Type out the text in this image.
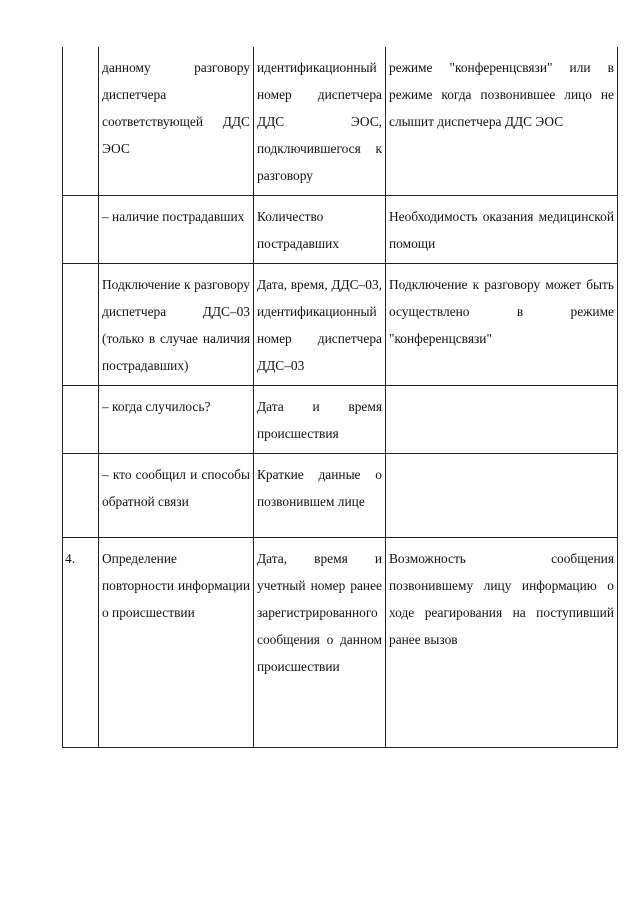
	данному разговору диспетчера соответствующей ДДС ЭОС	идентификационный номер диспетчера ДДС ЭОС, подключившегося к разговору	режиме "конференцсвязи" или в режиме когда позвонившее лицо не слышит диспетчера ДДС ЭОС
	– наличие пострадавших	Количество пострадавших	Необходимость оказания медицинской помощи
	Подключение к разговору диспетчера ДДС–03 (только в случае наличия пострадавших)	Дата, время, ДДС–03, идентификационный номер диспетчера ДДС–03	Подключение к разговору может быть осуществлено в режиме "конференцсвязи"
	– когда случилось?	Дата и время происшествия	
	– кто сообщил и способы обратной связи	Краткие данные о позвонившем лице	
4.	Определение повторности информации о происшествии	Дата, время и учетный номер ранее зарегистрированного сообщения о данном происшествии	Возможность сообщения позвонившему лицу информацию о ходе реагирования на поступивший ранее вызов
